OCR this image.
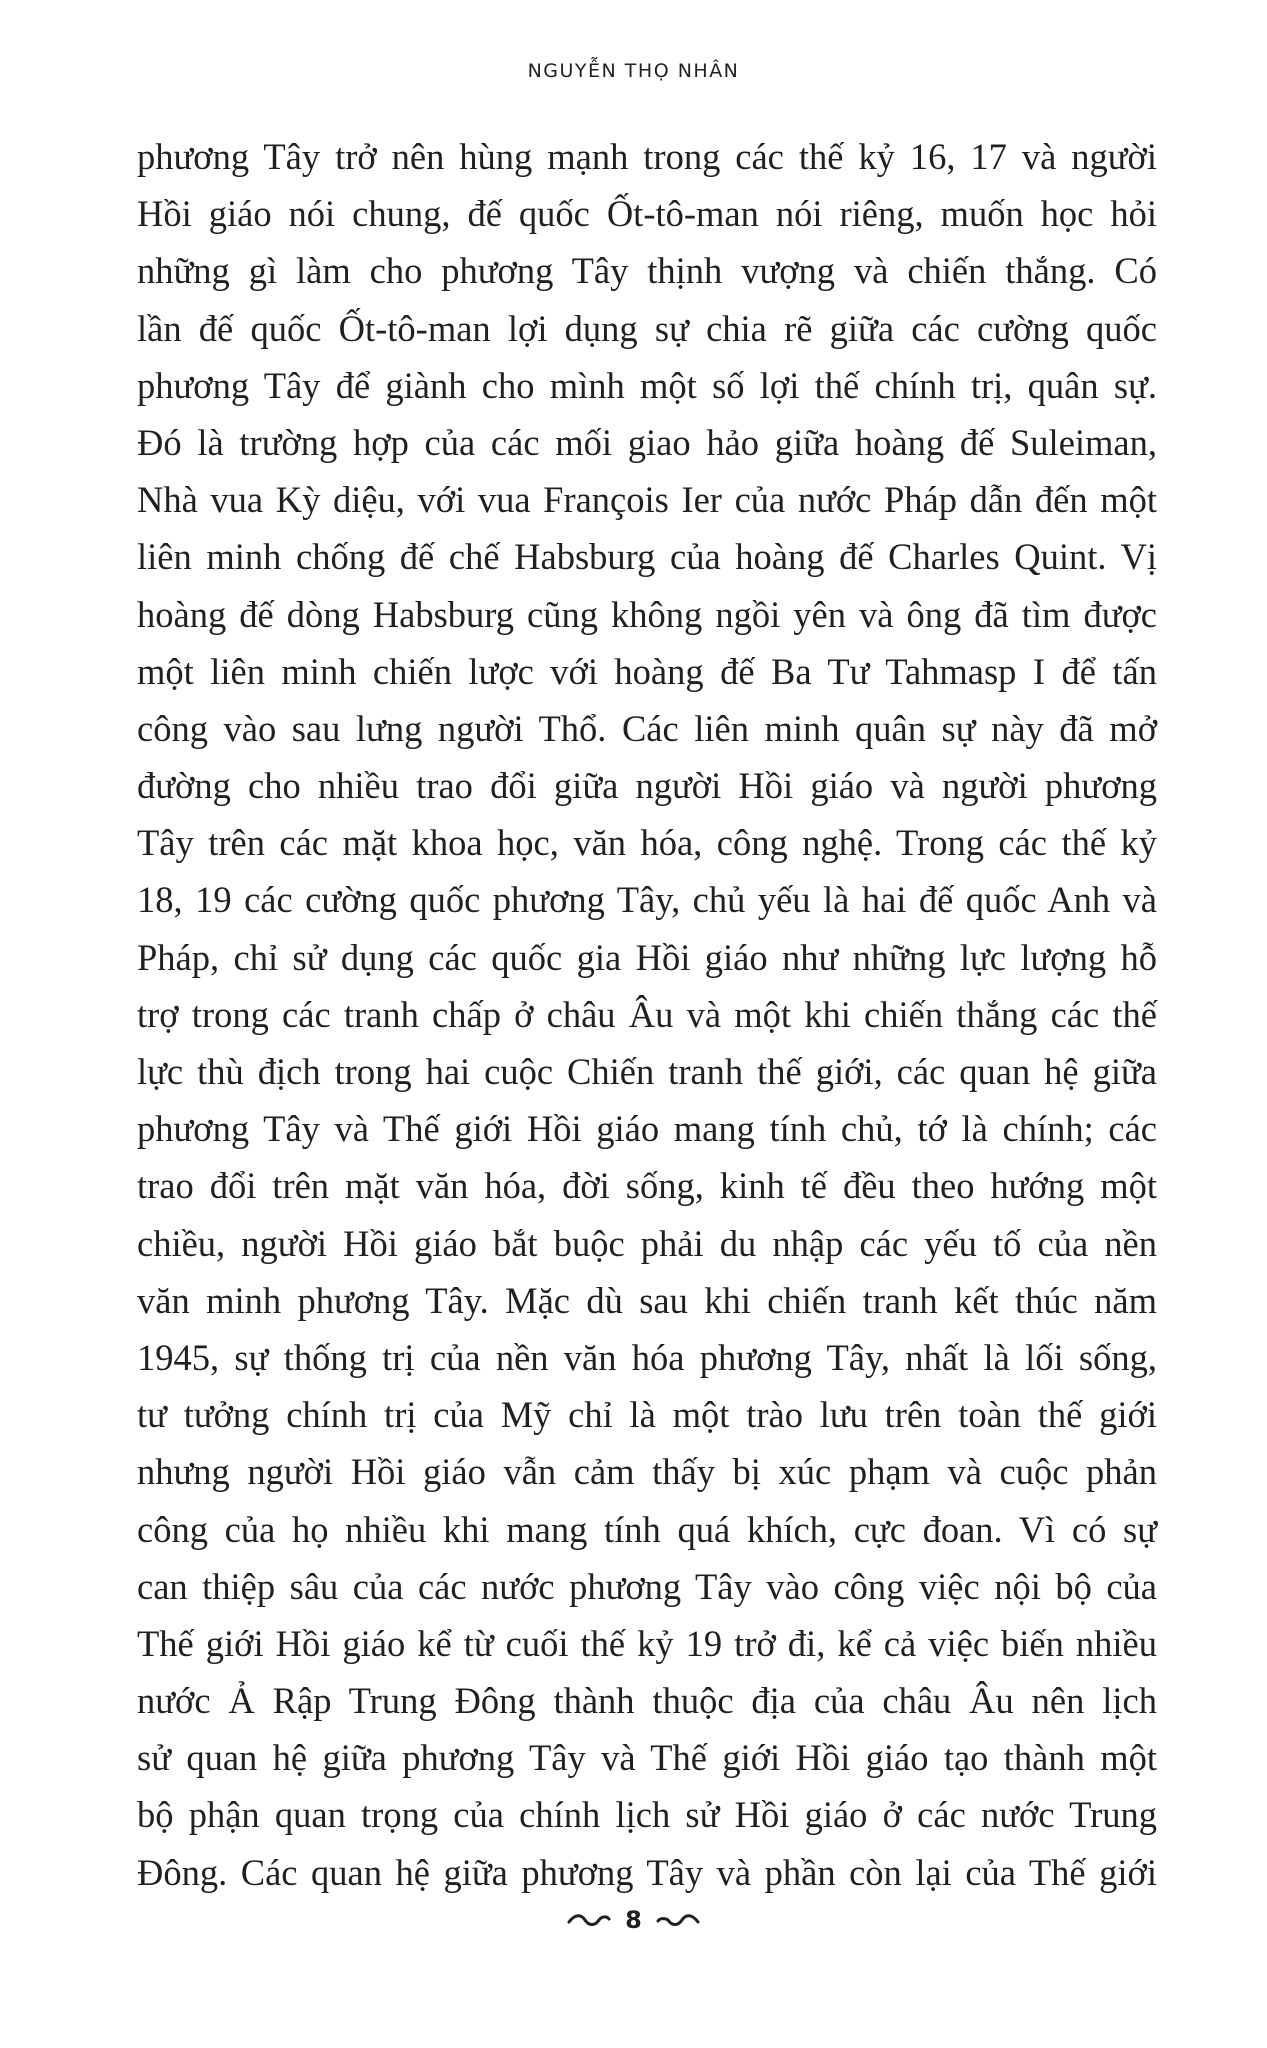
NGUYỄN THỌ NHÂN
phương Tây trở nên hùng mạnh trong các thế kỷ 16, 17 và người
Hồi giáo nói chung, đế quốc Ốt-tô-man nói riêng, muốn học hỏi
những gì làm cho phương Tây thịnh vượng và chiến thắng. Có
lần đế quốc Ốt-tô-man lợi dụng sự chia rẽ giữa các cường quốc
phương Tây để giành cho mình một số lợi thế chính trị, quân sự.
Đó là trường hợp của các mối giao hảo giữa hoàng đế Suleiman,
Nhà vua Kỳ diệu, với vua François Ier của nước Pháp dẫn đến một
liên minh chống đế chế Habsburg của hoàng đế Charles Quint. Vị
hoàng đế dòng Habsburg cũng không ngồi yên và ông đã tìm được
một liên minh chiến lược với hoàng đế Ba Tư Tahmasp I để tấn
công vào sau lưng người Thổ. Các liên minh quân sự này đã mở
đường cho nhiều trao đổi giữa người Hồi giáo và người phương
Tây trên các mặt khoa học, văn hóa, công nghệ. Trong các thế kỷ
18, 19 các cường quốc phương Tây, chủ yếu là hai đế quốc Anh và
Pháp, chỉ sử dụng các quốc gia Hồi giáo như những lực lượng hỗ
trợ trong các tranh chấp ở châu Âu và một khi chiến thắng các thế
lực thù địch trong hai cuộc Chiến tranh thế giới, các quan hệ giữa
phương Tây và Thế giới Hồi giáo mang tính chủ, tớ là chính; các
trao đổi trên mặt văn hóa, đời sống, kinh tế đều theo hướng một
chiều, người Hồi giáo bắt buộc phải du nhập các yếu tố của nền
văn minh phương Tây. Mặc dù sau khi chiến tranh kết thúc năm
1945, sự thống trị của nền văn hóa phương Tây, nhất là lối sống,
tư tưởng chính trị của Mỹ chỉ là một trào lưu trên toàn thế giới
nhưng người Hồi giáo vẫn cảm thấy bị xúc phạm và cuộc phản
công của họ nhiều khi mang tính quá khích, cực đoan. Vì có sự
can thiệp sâu của các nước phương Tây vào công việc nội bộ của
Thế giới Hồi giáo kể từ cuối thế kỷ 19 trở đi, kể cả việc biến nhiều
nước Ả Rập Trung Đông thành thuộc địa của châu Âu nên lịch
sử quan hệ giữa phương Tây và Thế giới Hồi giáo tạo thành một
bộ phận quan trọng của chính lịch sử Hồi giáo ở các nước Trung
Đông. Các quan hệ giữa phương Tây và phần còn lại của Thế giới
8
